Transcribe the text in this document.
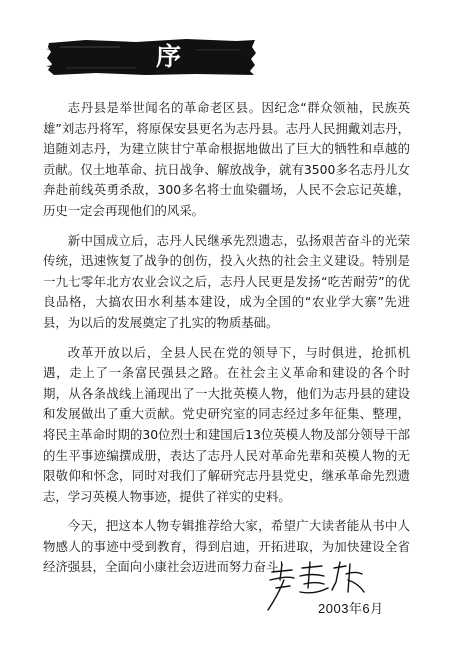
序

志丹县是举世闻名的革命老区县。因纪念“群众领袖，民族英雄”刘志丹将军，将原保安县更名为志丹县。志丹人民拥戴刘志丹，追随刘志丹，为建立陕甘宁革命根据地做出了巨大的牺牲和卓越的贡献。仅土地革命、抗日战争、解放战争，就有3500多名志丹儿女奔赴前线英勇杀敌，300多名将士血染疆场，人民不会忘记英雄，历史一定会再现他们的风采。

新中国成立后，志丹人民继承先烈遗志，弘扬艰苦奋斗的光荣传统，迅速恢复了战争的创伤，投入火热的社会主义建设。特别是一九七零年北方农业会议之后，志丹人民更是发扬“吃苦耐劳”的优良品格，大搞农田水利基本建设，成为全国的“农业学大寨”先进县，为以后的发展奠定了扎实的物质基础。

改革开放以后，全县人民在党的领导下，与时俱进，抢抓机遇，走上了一条富民强县之路。在社会主义革命和建设的各个时期，从各条战线上涌现出了一大批英模人物，他们为志丹县的建设和发展做出了重大贡献。党史研究室的同志经过多年征集、整理，将民主革命时期的30位烈士和建国后13位英模人物及部分领导干部的生平事迹编撰成册，表达了志丹人民对革命先辈和英模人物的无限敬仰和怀念，同时对我们了解研究志丹县党史，继承革命先烈遗志，学习英模人物事迹，提供了祥实的史料。

今天，把这本人物专辑推荐给大家，希望广大读者能从书中人物感人的事迹中受到教育，得到启迪，开拓进取，为加快建设全省经济强县，全面向小康社会迈进而努力奋斗！

2003年6月
